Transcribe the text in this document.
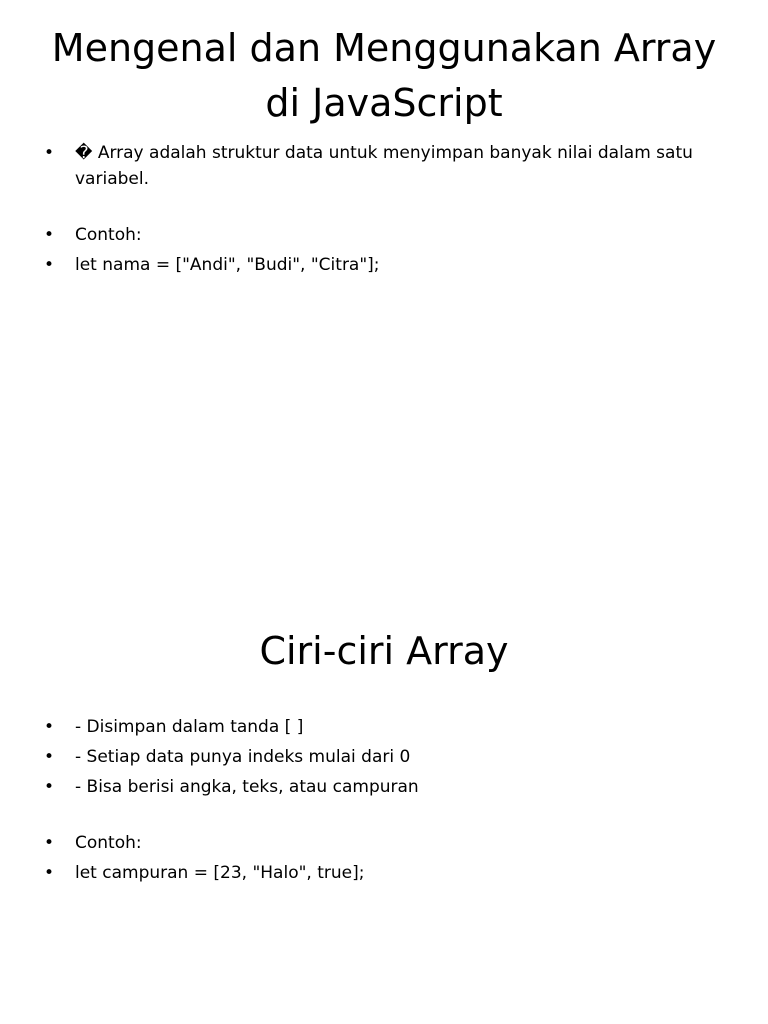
Mengenal dan Menggunakan Array di JavaScript
• � Array adalah struktur data untuk menyimpan banyak nilai dalam satu variabel.
• Contoh:
• let nama = ["Andi", "Budi", "Citra"];
Ciri-ciri Array
• - Disimpan dalam tanda [ ]
• - Setiap data punya indeks mulai dari 0
• - Bisa berisi angka, teks, atau campuran
• Contoh:
• let campuran = [23, "Halo", true];
